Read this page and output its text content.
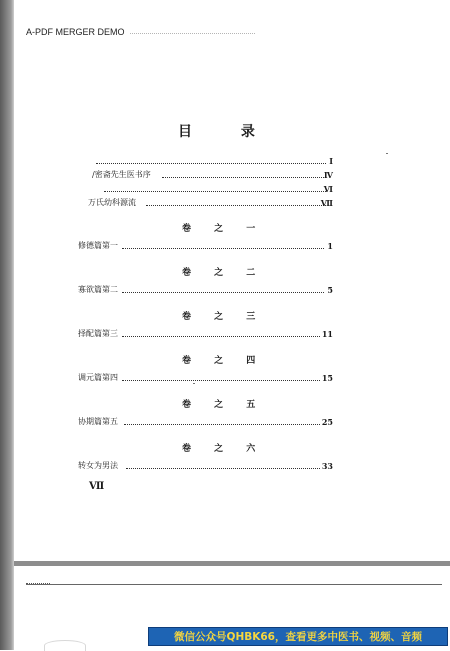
A-PDF MERGER DEMO
目 录
I
/密斋先生医书序	Ⅳ
Ⅵ
万氏幼科源流	Ⅶ
卷 之 一
修德篇第一	1
卷 之 二
寡欲篇第二	5
卷 之 三
择配篇第三	11
卷 之 四
调元篇第四	15
卷 之 五
协期篇第五	25
卷 之 六
转女为男法	33
Ⅶ
微信公众号QHBK66，查看更多中医书、视频、音频
